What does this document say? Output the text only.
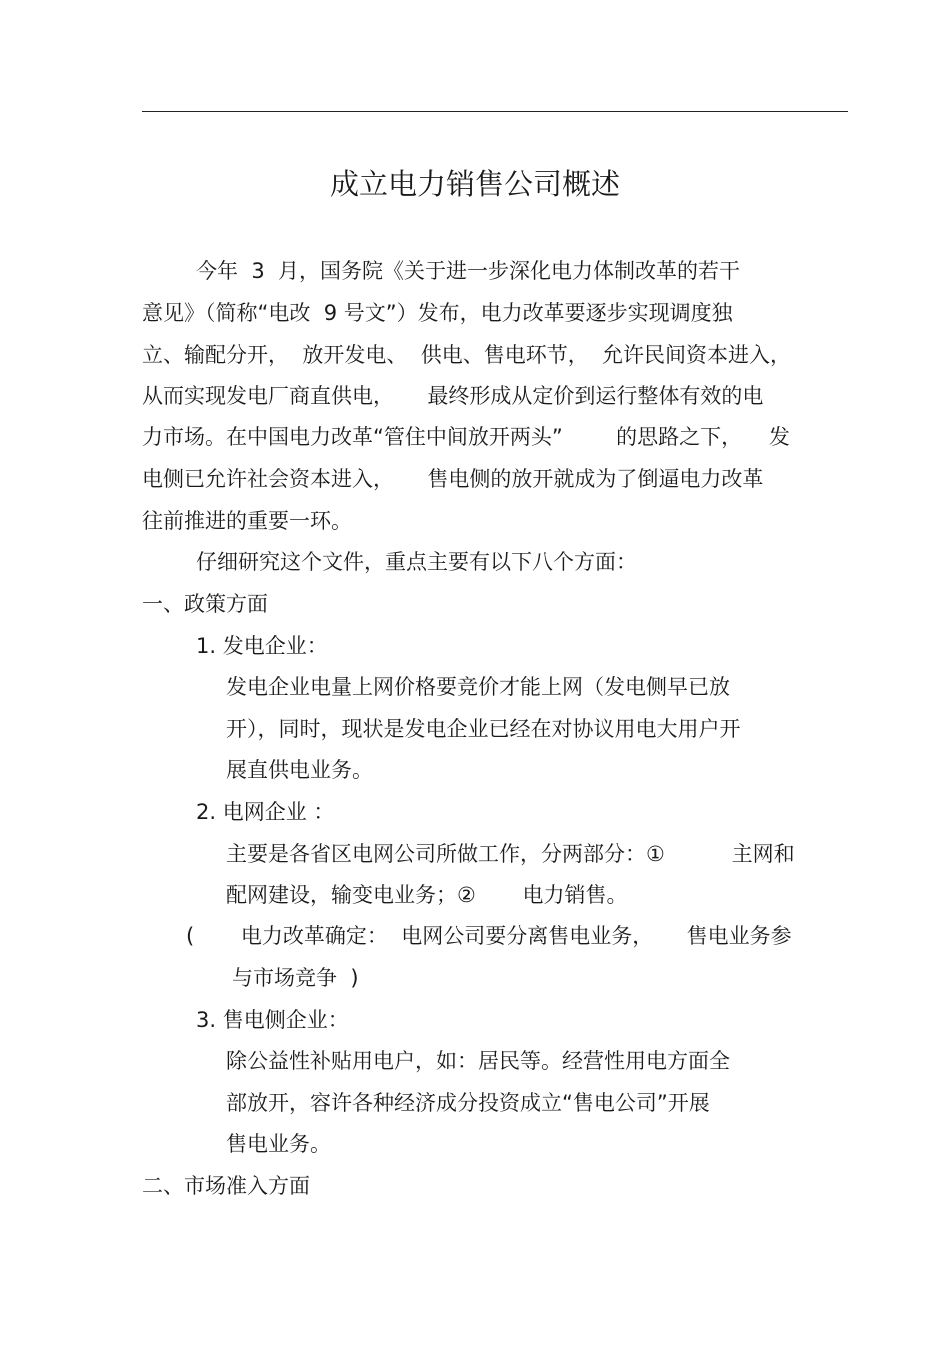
成立电力销售公司概述
今年  3  月，国务院《关于进一步深化电力体制改革的若干
意见》（简称“电改  9 号文”）发布，电力改革要逐步实现调度独
立、输配分开，  放开发电、  供电、售电环节，  允许民间资本进入，
从而实现发电厂商直供电，     最终形成从定价到运行整体有效的电
力市场。在中国电力改革“管住中间放开两头”        的思路之下，    发
电侧已允许社会资本进入，     售电侧的放开就成为了倒逼电力改革
往前推进的重要一环。
仔细研究这个文件，重点主要有以下八个方面：
一、政策方面
1. 发电企业：
发电企业电量上网价格要竞价才能上网（发电侧早已放
开），同时，现状是发电企业已经在对协议用电大用户开
展直供电业务。
2. 电网企业 ：
主要是各省区电网公司所做工作，分两部分：①          主网和
配网建设，输变电业务；②       电力销售。
(       电力改革确定：  电网公司要分离售电业务，     售电业务参
与市场竞争  )
3. 售电侧企业：
除公益性补贴用电户，如：居民等。经营性用电方面全
部放开，容许各种经济成分投资成立“售电公司”开展
售电业务。
二、市场准入方面
